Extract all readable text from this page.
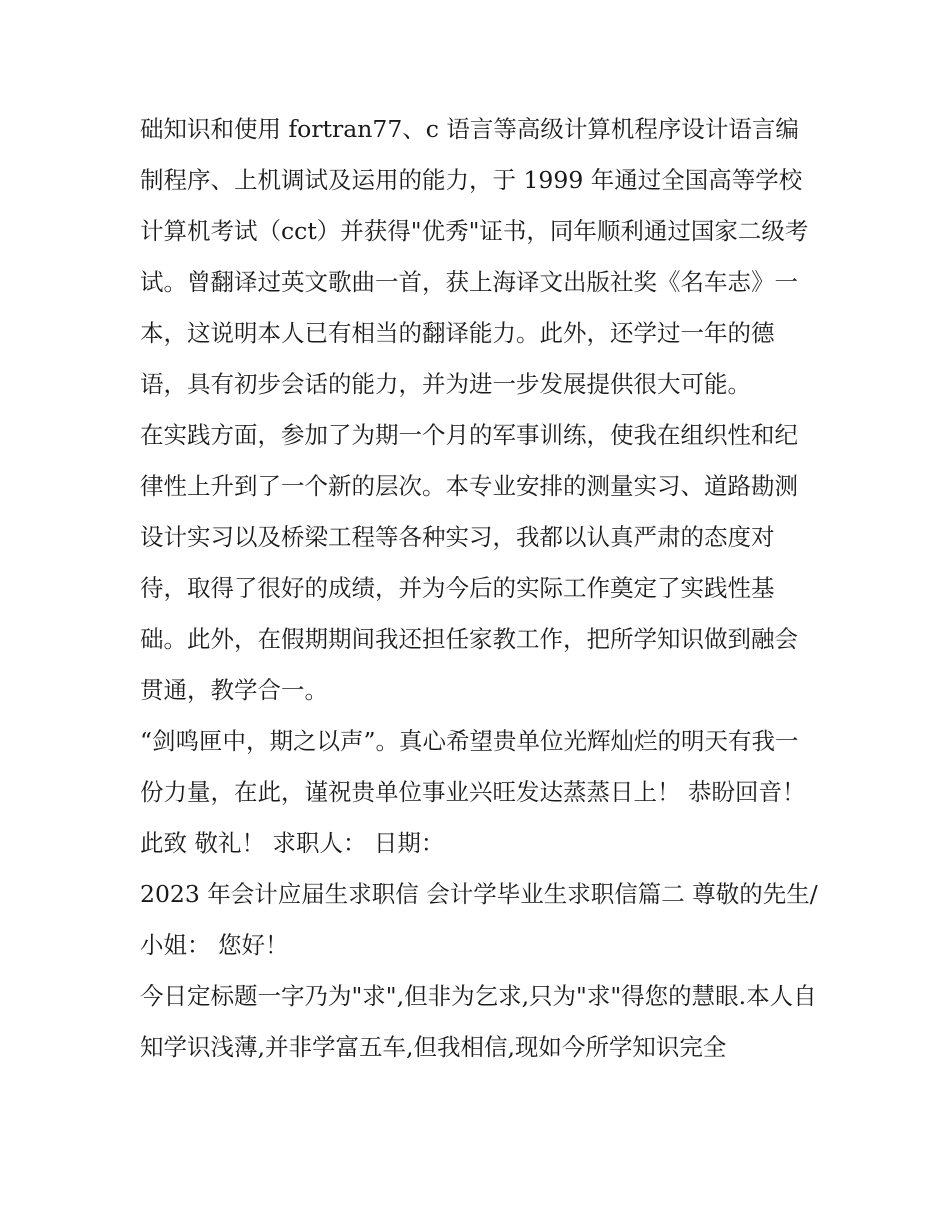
础知识和使用 fortran77、c 语言等高级计算机程序设计语言编制程序、上机调试及运用的能力，于 1999 年通过全国高等学校计算机考试（cct）并获得"优秀"证书，同年顺利通过国家二级考试。曾翻译过英文歌曲一首，获上海译文出版社奖《名车志》一本，这说明本人已有相当的翻译能力。此外，还学过一年的德语，具有初步会话的能力，并为进一步发展提供很大可能。

在实践方面，参加了为期一个月的军事训练，使我在组织性和纪律性上升到了一个新的层次。本专业安排的测量实习、道路勘测设计实习以及桥梁工程等各种实习，我都以认真严肃的态度对待，取得了很好的成绩，并为今后的实际工作奠定了实践性基础。此外，在假期期间我还担任家教工作，把所学知识做到融会贯通，教学合一。

“剑鸣匣中，期之以声”。真心希望贵单位光辉灿烂的明天有我一份力量，在此，谨祝贵单位事业兴旺发达蒸蒸日上！ 恭盼回音！ 此致 敬礼！ 求职人： 日期：

2023 年会计应届生求职信 会计学毕业生求职信篇二 尊敬的先生/小姐： 您好！

今日定标题一字乃为"求",但非为乞求,只为"求"得您的慧眼.本人自知学识浅薄,并非学富五车,但我相信,现如今所学知识完全
